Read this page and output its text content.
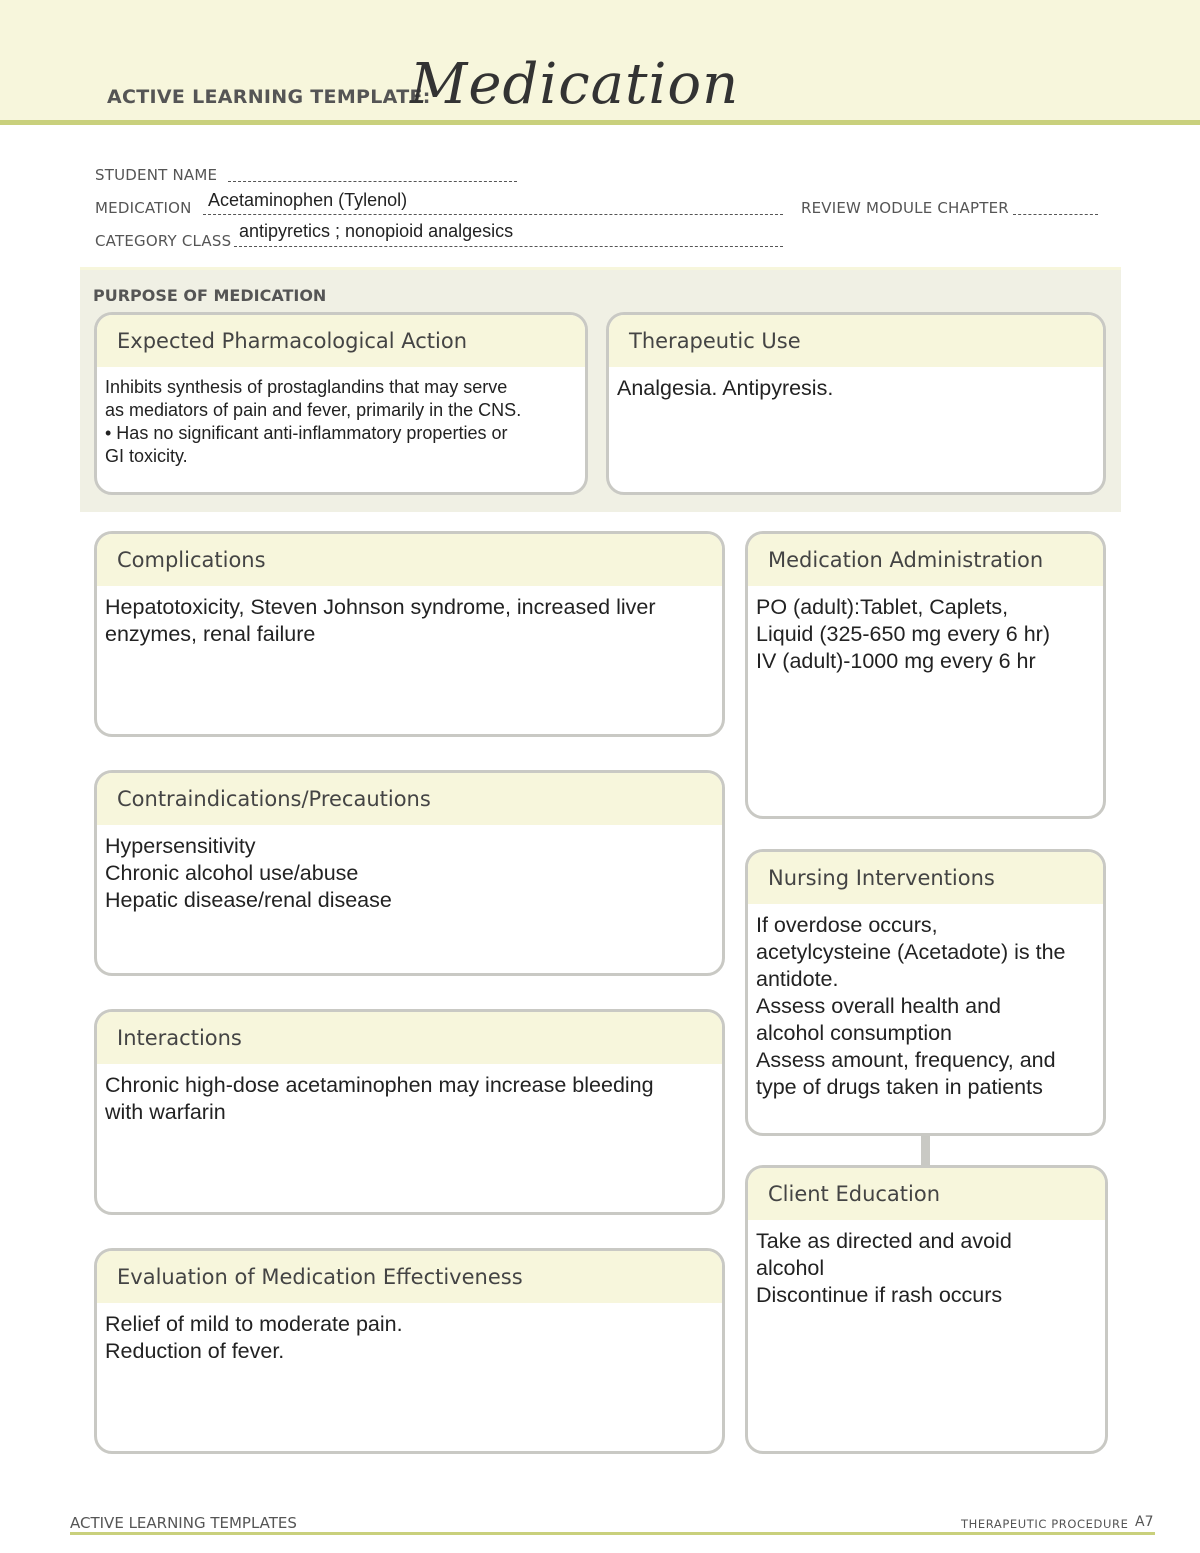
ACTIVE LEARNING TEMPLATE:
Medication
STUDENT NAME
MEDICATION Acetaminophen (Tylenol)	REVIEW MODULE CHAPTER
CATEGORY CLASS antipyretics ; nonopioid analgesics
PURPOSE OF MEDICATION
Expected Pharmacological Action
Inhibits synthesis of prostaglandins that may serve
as mediators of pain and fever, primarily in the CNS.
• Has no significant anti-inflammatory properties or
GI toxicity.
Therapeutic Use
Analgesia. Antipyresis.
Complications
Hepatotoxicity, Steven Johnson syndrome, increased liver
enzymes, renal failure
Contraindications/Precautions
Hypersensitivity
Chronic alcohol use/abuse
Hepatic disease/renal disease
Interactions
Chronic high-dose acetaminophen may increase bleeding
with warfarin
Evaluation of Medication Effectiveness
Relief of mild to moderate pain.
Reduction of fever.
Medication Administration
PO (adult):Tablet, Caplets,
Liquid (325-650 mg every 6 hr)
IV (adult)-1000 mg every 6 hr
Nursing Interventions
If overdose occurs,
acetylcysteine (Acetadote) is the
antidote.
Assess overall health and
alcohol consumption
Assess amount, frequency, and
type of drugs taken in patients
Client Education
Take as directed and avoid
alcohol
Discontinue if rash occurs
ACTIVE LEARNING TEMPLATES	THERAPEUTIC PROCEDURE A7
